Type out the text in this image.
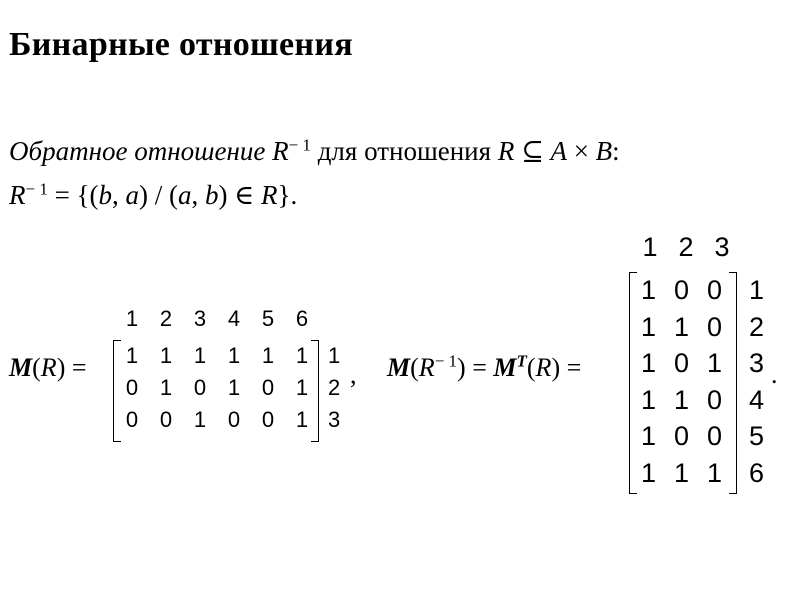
Бинарные отношения
Обратное отношение $R^{- 1}$ для отношения R ⊆ A × B:
$R^{- 1} = \{(b$, a) / (a, b) ∈ R}.
M(R) =
1 2 3 4 5 6
1 1 1 1 1 1
0 1 0 1 0 1
0 0 1 0 0 1
1
2
3
, $M(R^{- 1}) = M^T(R)$ =
1 2 3
1 0 0
1 1 0
1 0 1
1 1 0
1 0 0
1 1 1
1
2
3
4
5
6
.
